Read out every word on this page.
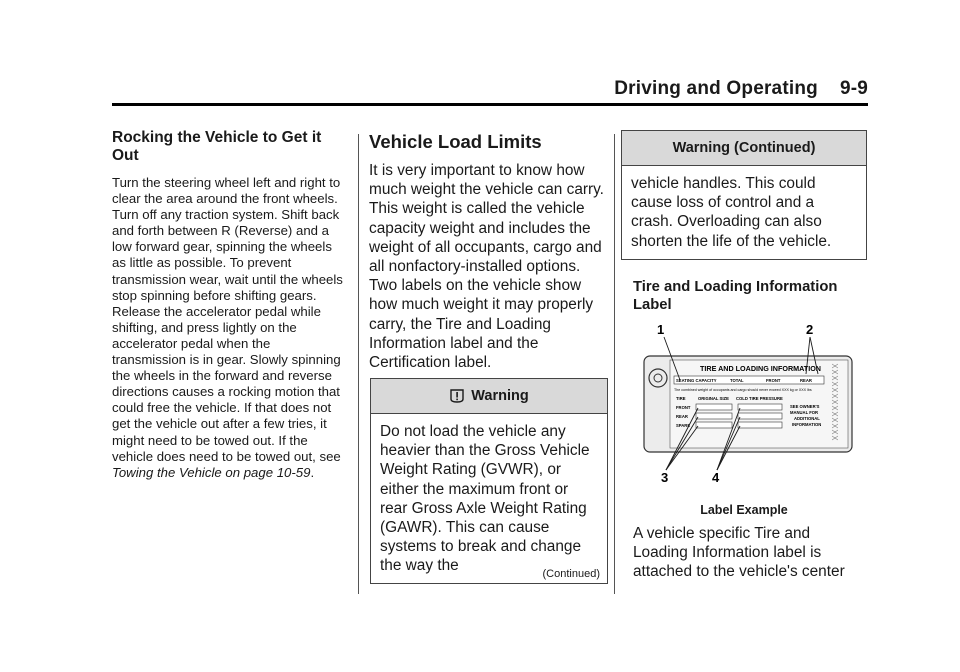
Driving and Operating 9-9
Rocking the Vehicle to Get it Out

Turn the steering wheel left and right to clear the area around the front wheels. Turn off any traction system. Shift back and forth between R (Reverse) and a low forward gear, spinning the wheels as little as possible. To prevent transmission wear, wait until the wheels stop spinning before shifting gears. Release the accelerator pedal while shifting, and press lightly on the accelerator pedal when the transmission is in gear. Slowly spinning the wheels in the forward and reverse directions causes a rocking motion that could free the vehicle. If that does not get the vehicle out after a few tries, it might need to be towed out. If the vehicle does need to be towed out, see Towing the Vehicle on page 10-59.

Vehicle Load Limits

It is very important to know how much weight the vehicle can carry. This weight is called the vehicle capacity weight and includes the weight of all occupants, cargo and all nonfactory-installed options. Two labels on the vehicle show how much weight it may properly carry, the Tire and Loading Information label and the Certification label.

Warning
Do not load the vehicle any heavier than the Gross Vehicle Weight Rating (GVWR), or either the maximum front or rear Gross Axle Weight Rating (GAWR). This can cause systems to break and change the way the	(Continued)
Warning (Continued)
vehicle handles. This could cause loss of control and a crash. Overloading can also shorten the life of the vehicle.
Tire and Loading Information Label
1	2
3	4
TIRE AND LOADING INFORMATION
SEATING CAPACITY	TOTAL	FRONT	REAR
The combined weight of occupants and cargo should never exceed XXX kg or XXX lbs
TIRE	ORIGINAL SIZE COLD TIRE PRESSURE
FRONT
REAR
SPARE
SEE OWNER'S
MANUAL FOR
ADDITIONAL
INFORMATION
Label Example

A vehicle specific Tire and Loading Information label is attached to the vehicle's center
